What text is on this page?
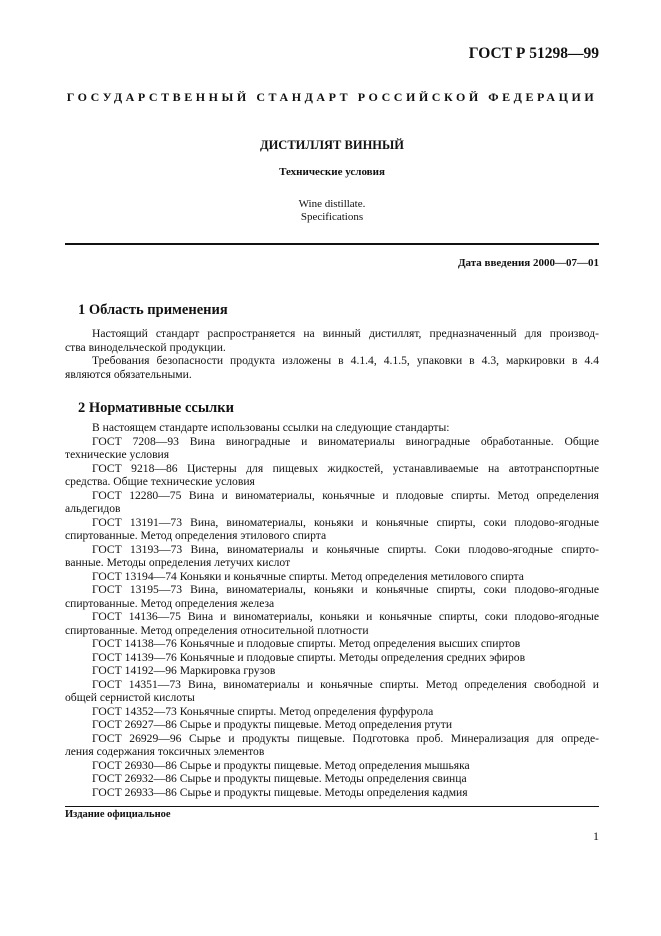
ГОСТ Р 51298—99
ГОСУДАРСТВЕННЫЙ СТАНДАРТ РОССИЙСКОЙ ФЕДЕРАЦИИ
ДИСТИЛЛЯТ ВИННЫЙ
Технические условия
Wine distillate.
Specifications
Дата введения 2000—07—01
1 Область применения
Настоящий стандарт распространяется на винный дистиллят, предназначенный для производ-
ства винодельческой продукции.
Требования безопасности продукта изложены в 4.1.4, 4.1.5, упаковки в 4.3, маркировки в 4.4
являются обязательными.
2 Нормативные ссылки
В настоящем стандарте использованы ссылки на следующие стандарты:
ГОСТ 7208—93 Вина виноградные и виноматериалы виноградные обработанные. Общие
технические условия
ГОСТ 9218—86 Цистерны для пищевых жидкостей, устанавливаемые на автотранспортные
средства. Общие технические условия
ГОСТ 12280—75 Вина и виноматериалы, коньячные и плодовые спирты. Метод определения
альдегидов
ГОСТ 13191—73 Вина, виноматериалы, коньяки и коньячные спирты, соки плодово-ягодные
спиртованные. Метод определения этилового спирта
ГОСТ 13193—73 Вина, виноматериалы и коньячные спирты. Соки плодово-ягодные спирто-
ванные. Методы определения летучих кислот
ГОСТ 13194—74 Коньяки и коньячные спирты. Метод определения метилового спирта
ГОСТ 13195—73 Вина, виноматериалы, коньяки и коньячные спирты, соки плодово-ягодные
спиртованные. Метод определения железа
ГОСТ 14136—75 Вина и виноматериалы, коньяки и коньячные спирты, соки плодово-ягодные
спиртованные. Метод определения относительной плотности
ГОСТ 14138—76 Коньячные и плодовые спирты. Метод определения высших спиртов
ГОСТ 14139—76 Коньячные и плодовые спирты. Методы определения средних эфиров
ГОСТ 14192—96 Маркировка грузов
ГОСТ 14351—73 Вина, виноматериалы и коньячные спирты. Метод определения свободной и
общей сернистой кислоты
ГОСТ 14352—73 Коньячные спирты. Метод определения фурфурола
ГОСТ 26927—86 Сырье и продукты пищевые. Метод определения ртути
ГОСТ 26929—96 Сырье и продукты пищевые. Подготовка проб. Минерализация для опреде-
ления содержания токсичных элементов
ГОСТ 26930—86 Сырье и продукты пищевые. Метод определения мышьяка
ГОСТ 26932—86 Сырье и продукты пищевые. Методы определения свинца
ГОСТ 26933—86 Сырье и продукты пищевые. Методы определения кадмия
Издание официальное
1
